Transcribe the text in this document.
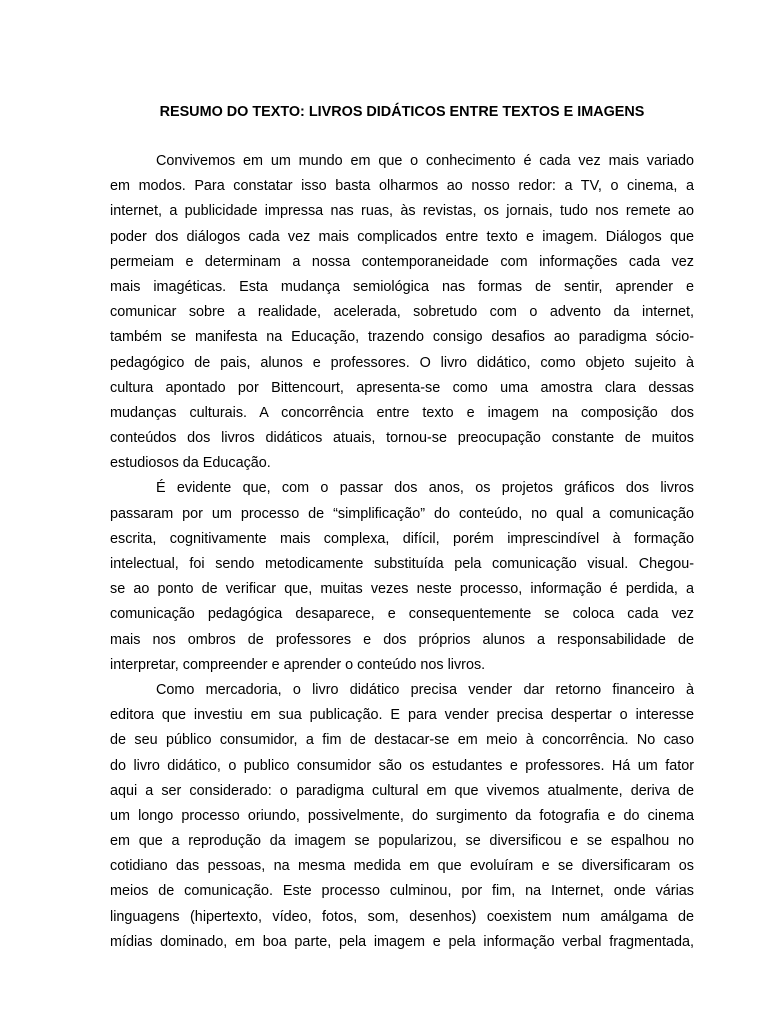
RESUMO DO TEXTO: LIVROS DIDÁTICOS ENTRE TEXTOS E IMAGENS
Convivemos em um mundo em que o conhecimento é cada vez mais variado
em modos. Para constatar isso basta olharmos ao nosso redor: a TV, o cinema, a
internet, a publicidade impressa nas ruas, às revistas, os jornais, tudo nos remete ao
poder dos diálogos cada vez mais complicados entre texto e imagem. Diálogos que
permeiam e determinam a nossa contemporaneidade com informações cada vez
mais imagéticas. Esta mudança semiológica nas formas de sentir, aprender e
comunicar sobre a realidade, acelerada, sobretudo com o advento da internet,
também se manifesta na Educação, trazendo consigo desafios ao paradigma sócio-
pedagógico de pais, alunos e professores. O livro didático, como objeto sujeito à
cultura apontado por Bittencourt, apresenta-se como uma amostra clara dessas
mudanças culturais. A concorrência entre texto e imagem na composição dos
conteúdos dos livros didáticos atuais, tornou-se preocupação constante de muitos
estudiosos da Educação.
É evidente que, com o passar dos anos, os projetos gráficos dos livros
passaram por um processo de “simplificação” do conteúdo, no qual a comunicação
escrita, cognitivamente mais complexa, difícil, porém imprescindível à formação
intelectual, foi sendo metodicamente substituída pela comunicação visual. Chegou-
se ao ponto de verificar que, muitas vezes neste processo, informação é perdida, a
comunicação pedagógica desaparece, e consequentemente se coloca cada vez
mais nos ombros de professores e dos próprios alunos a responsabilidade de
interpretar, compreender e aprender o conteúdo nos livros.
Como mercadoria, o livro didático precisa vender dar retorno financeiro à
editora que investiu em sua publicação. E para vender precisa despertar o interesse
de seu público consumidor, a fim de destacar-se em meio à concorrência. No caso
do livro didático, o publico consumidor são os estudantes e professores. Há um fator
aqui a ser considerado: o paradigma cultural em que vivemos atualmente, deriva de
um longo processo oriundo, possivelmente, do surgimento da fotografia e do cinema
em que a reprodução da imagem se popularizou, se diversificou e se espalhou no
cotidiano das pessoas, na mesma medida em que evoluíram e se diversificaram os
meios de comunicação. Este processo culminou, por fim, na Internet, onde várias
linguagens (hipertexto, vídeo, fotos, som, desenhos) coexistem num amálgama de
mídias dominado, em boa parte, pela imagem e pela informação verbal fragmentada,
